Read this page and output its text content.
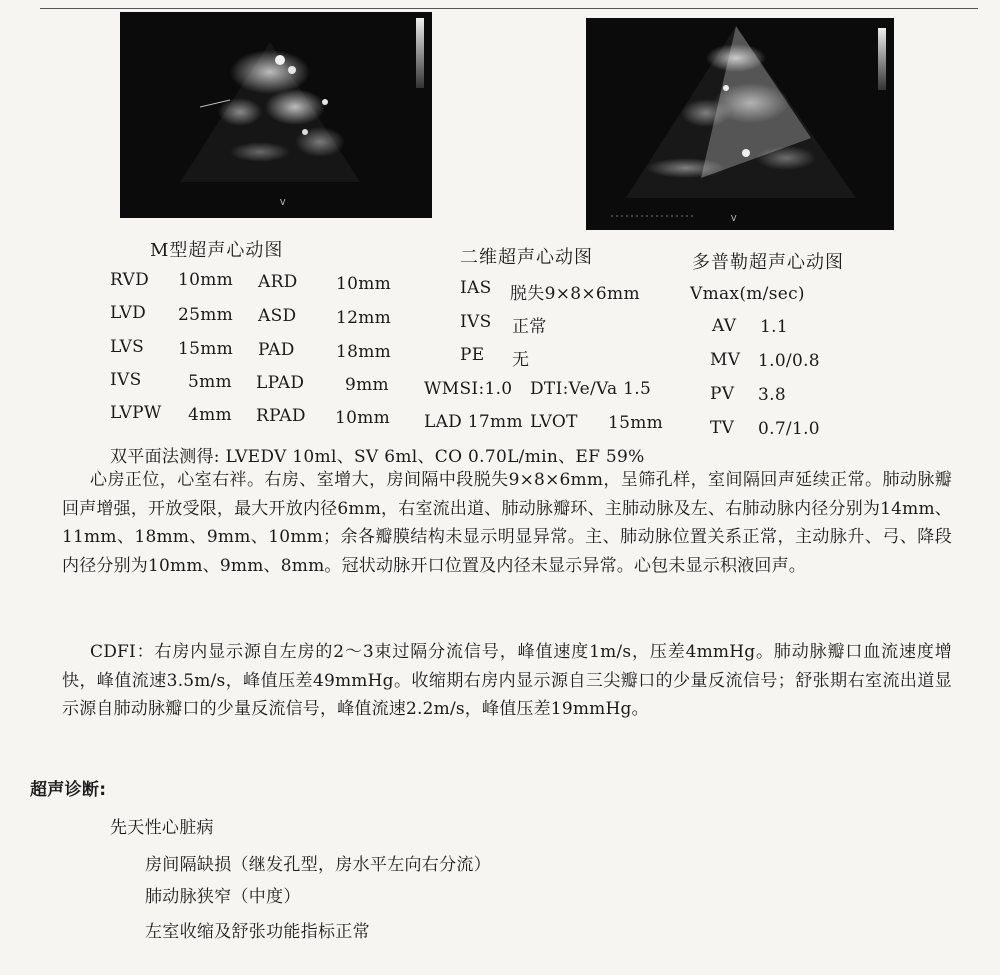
V
V
M型超声心动图	二维超声心动图	多普勒超声心动图
RVD 10mm ARD 10mm
LVD 25mm ASD 12mm
LVS 15mm PAD 18mm
IVS	5mm LPAD 9mm
LVPW 4mm RPAD 10mm
IAS 脱失9×8×6mm
IVS 正常
PE 无
WMSI:1.0 DTI:Ve/Va 1.5
LAD 17mm LVOT 15mm
Vmax(m/sec)
AV 1.1
MV 1.0/0.8
PV 3.8
TV 0.7/1.0
双平面法测得: LVEDV 10ml、SV 6ml、CO 0.70L/min、EF 59%
心房正位，心室右袢。右房、室增大，房间隔中段脱失9×8×6mm，呈筛孔样，室间隔回声延续正常。肺动脉瓣回声增强，开放受限，最大开放内径6mm，右室流出道、肺动脉瓣环、主肺动脉及左、右肺动脉内径分别为14mm、11mm、18mm、9mm、10mm；余各瓣膜结构未显示明显异常。主、肺动脉位置关系正常，主动脉升、弓、降段内径分别为10mm、9mm、8mm。冠状动脉开口位置及内径未显示异常。心包未显示积液回声。
CDFI：右房内显示源自左房的2～3束过隔分流信号，峰值速度1m/s，压差4mmHg。肺动脉瓣口血流速度增快，峰值流速3.5m/s，峰值压差49mmHg。收缩期右房内显示源自三尖瓣口的少量反流信号；舒张期右室流出道显示源自肺动脉瓣口的少量反流信号，峰值流速2.2m/s，峰值压差19mmHg。
超声诊断:
先天性心脏病
房间隔缺损（继发孔型，房水平左向右分流）
肺动脉狭窄（中度）
左室收缩及舒张功能指标正常
